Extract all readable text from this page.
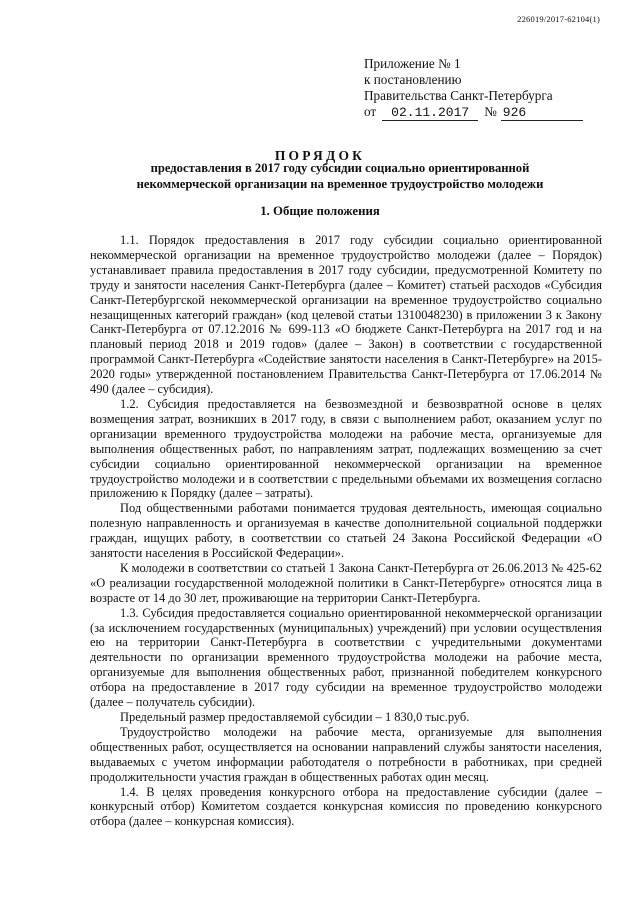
226019/2017-62104(1)
Приложение № 1
к постановлению
Правительства Санкт-Петербурга
от	02.11.2017	№ 926
ПОРЯДОК
предоставления в 2017 году субсидии социально ориентированной некоммерческой организации на временное трудоустройство молодежи
1. Общие положения

1.1. Порядок предоставления в 2017 году субсидии социально ориентированной некоммерческой организации на временное трудоустройство молодежи (далее – Порядок) устанавливает правила предоставления в 2017 году субсидии, предусмотренной Комитету по труду и занятости населения Санкт-Петербурга (далее – Комитет) статьей расходов «Субсидия Санкт-Петербургской некоммерческой организации на временное трудоустройство социально незащищенных категорий граждан» (код целевой статьи 1310048230) в приложении 3 к Закону Санкт-Петербурга от 07.12.2016 № 699-113 «О бюджете Санкт-Петербурга на 2017 год и на плановый период 2018 и 2019 годов» (далее – Закон) в соответствии с государственной программой Санкт-Петербурга «Содействие занятости населения в Санкт-Петербурге» на 2015-2020 годы» утвержденной постановлением Правительства Санкт-Петербурга от 17.06.2014 № 490 (далее – субсидия).

1.2. Субсидия предоставляется на безвозмездной и безвозвратной основе в целях возмещения затрат, возникших в 2017 году, в связи с выполнением работ, оказанием услуг по организации временного трудоустройства молодежи на рабочие места, организуемые для выполнения общественных работ, по направлениям затрат, подлежащих возмещению за счет субсидии социально ориентированной некоммерческой организации на временное трудоустройство молодежи и в соответствии с предельными объемами их возмещения согласно приложению к Порядку (далее – затраты).

Под общественными работами понимается трудовая деятельность, имеющая социально полезную направленность и организуемая в качестве дополнительной социальной поддержки граждан, ищущих работу, в соответствии со статьей 24 Закона Российской Федерации «О занятости населения в Российской Федерации».

К молодежи в соответствии со статьей 1 Закона Санкт-Петербурга от 26.06.2013 № 425-62 «О реализации государственной молодежной политики в Санкт-Петербурге» относятся лица в возрасте от 14 до 30 лет, проживающие на территории Санкт-Петербурга.

1.3. Субсидия предоставляется социально ориентированной некоммерческой организации (за исключением государственных (муниципальных) учреждений) при условии осуществления ею на территории Санкт-Петербурга в соответствии с учредительными документами деятельности по организации временного трудоустройства молодежи на рабочие места, организуемые для выполнения общественных работ, признанной победителем конкурсного отбора на предоставление в 2017 году субсидии на временное трудоустройство молодежи (далее – получатель субсидии).

Предельный размер предоставляемой субсидии – 1 830,0 тыс.руб.

Трудоустройство молодежи на рабочие места, организуемые для выполнения общественных работ, осуществляется на основании направлений службы занятости населения, выдаваемых с учетом информации работодателя о потребности в работниках, при средней продолжительности участия граждан в общественных работах один месяц.

1.4. В целях проведения конкурсного отбора на предоставление субсидии (далее – конкурсный отбор) Комитетом создается конкурсная комиссия по проведению конкурсного отбора (далее – конкурсная комиссия).
